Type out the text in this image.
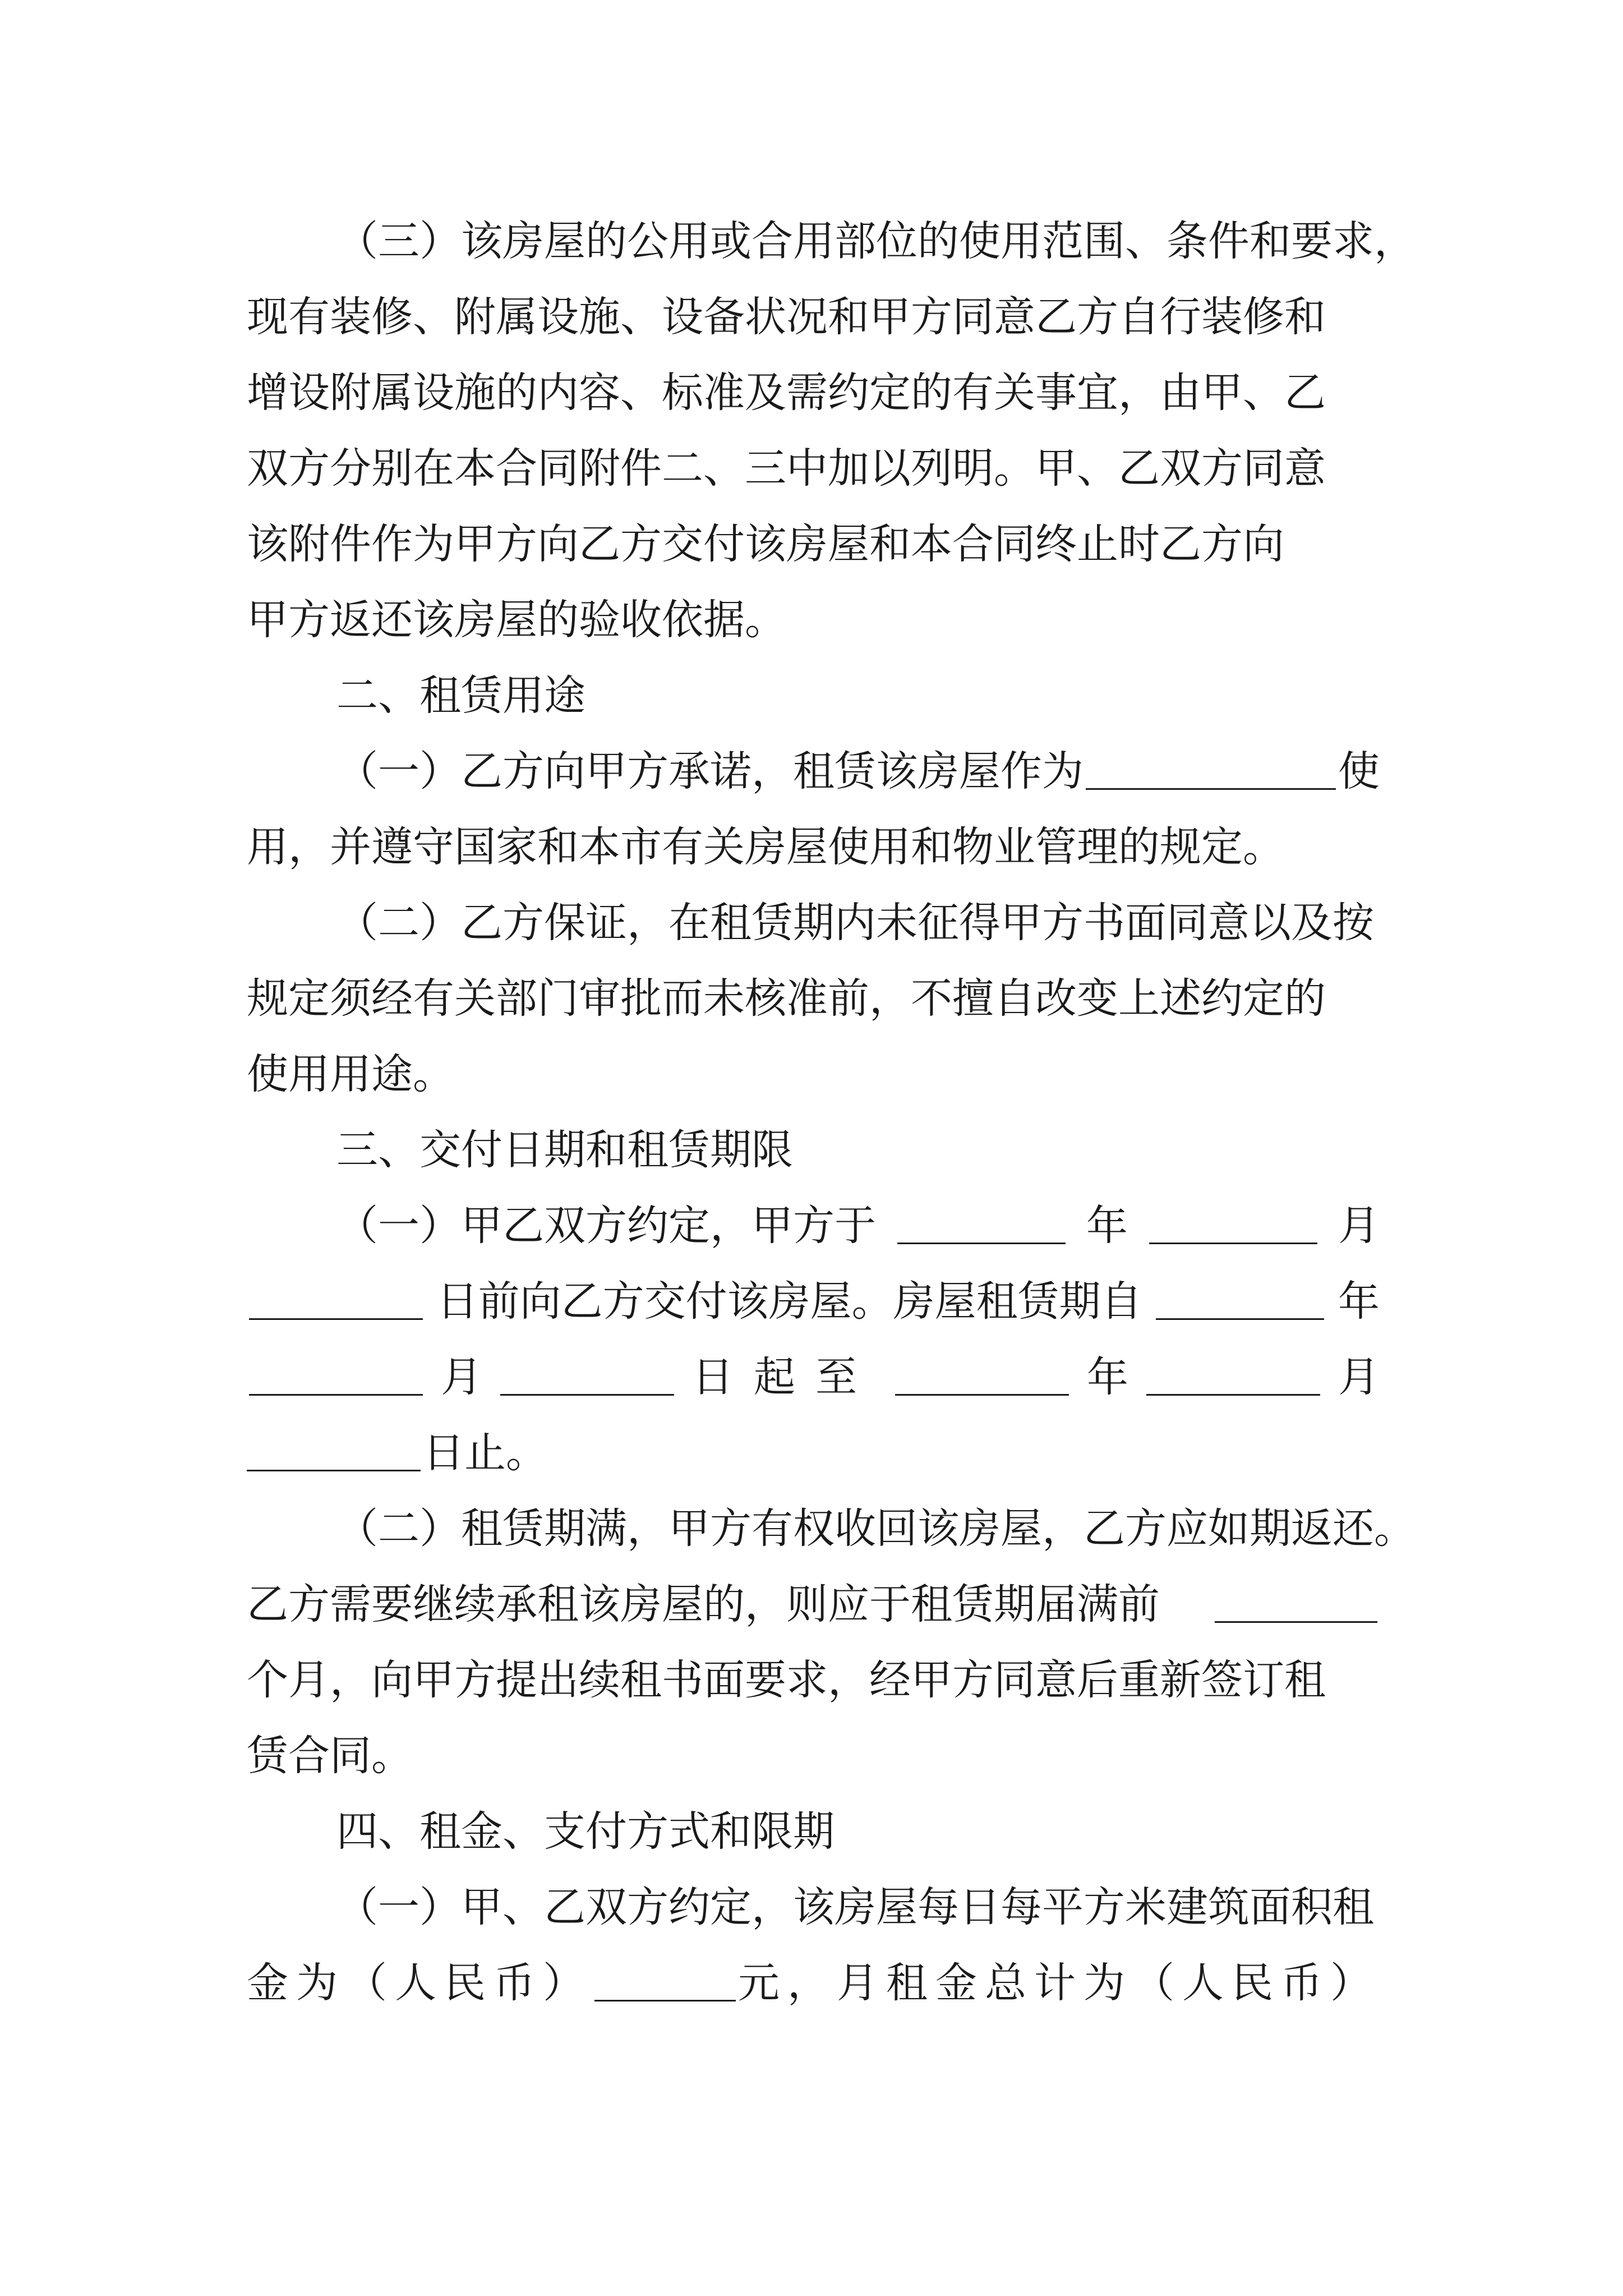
（三）该房屋的公用或合用部位的使用范围、条件和要求，
现有装修、附属设施、设备状况和甲方同意乙方自行装修和
增设附属设施的内容、标准及需约定的有关事宜，由甲、乙
双方分别在本合同附件二、三中加以列明。甲、乙双方同意
该附件作为甲方向乙方交付该房屋和本合同终止时乙方向
甲方返还该房屋的验收依据。
二、租赁用途
（一）乙方向甲方承诺，租赁该房屋作为	使
用，并遵守国家和本市有关房屋使用和物业管理的规定。
（二）乙方保证，在租赁期内未征得甲方书面同意以及按
规定须经有关部门审批而未核准前，不擅自改变上述约定的
使用用途。
三、交付日期和租赁期限
（一）甲乙双方约定，甲方于	年	月
日前向乙方交付该房屋。房屋租赁期自	年
月	日起至	年	月
日止。
（二）租赁期满，甲方有权收回该房屋，乙方应如期返还。
乙方需要继续承租该房屋的，则应于租赁期届满前
个月，向甲方提出续租书面要求，经甲方同意后重新签订租
赁合同。
四、租金、支付方式和限期
（一）甲、乙双方约定，该房屋每日每平方米建筑面积租
金为（人民币）	元，月租金总计为（人民币）
